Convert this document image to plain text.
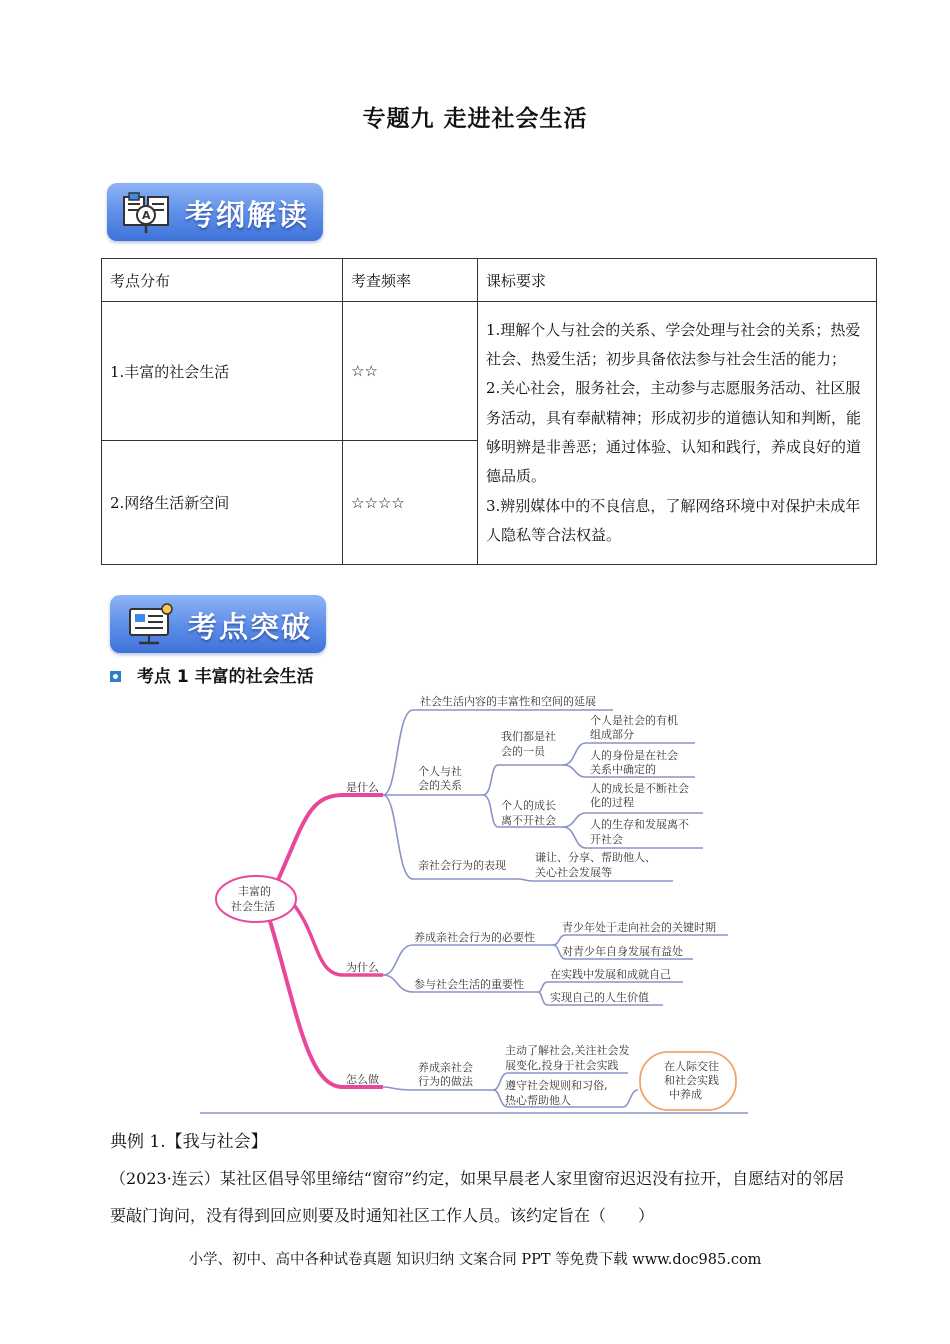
专题九 走进社会生活
A 考纲解读
考点分布	考查频率	课标要求
1.丰富的社会生活	☆☆	1.理解个人与社会的关系、学会处理与社会的关系；热爱社会、热爱生活；初步具备依法参与社会生活的能力；
2.关心社会，服务社会，主动参与志愿服务活动、社区服务活动，具有奉献精神；形成初步的道德认知和判断，能够明辨是非善恶；通过体验、认知和践行，养成良好的道德品质。
3.辨别媒体中的不良信息，了解网络环境中对保护未成年人隐私等合法权益。

2.网络生活新空间	☆☆☆☆	
考点突破
考点 1 丰富的社会生活
丰富的
社会生活
是什么
为什么
怎么做
社会生活内容的丰富性和空间的延展
个人与社
会的关系
我们都是社
会的一员
个人是社会的有机
组成部分
人的身份是在社会
关系中确定的
个人的成长
离不开社会
人的成长是不断社会
化的过程
人的生存和发展离不
开社会
亲社会行为的表现
谦让、分享、帮助他人、
关心社会发展等
养成亲社会行为的必要性
青少年处于走向社会的关键时期
对青少年自身发展有益处
参与社会生活的重要性
在实践中发展和成就自己
实现自己的人生价值
养成亲社会
行为的做法
主动了解社会,关注社会发
展变化,投身于社会实践
遵守社会规则和习俗,
热心帮助他人
在人际交往
和社会实践
中养成
典例 1.【我与社会】
（2023·连云）某社区倡导邻里缔结“窗帘”约定，如果早晨老人家里窗帘迟迟没有拉开，自愿结对的邻居要敲门询问，没有得到回应则要及时通知社区工作人员。该约定旨在（　　）
小学、初中、高中各种试卷真题 知识归纳 文案合同 PPT 等免费下载 www.doc985.com
